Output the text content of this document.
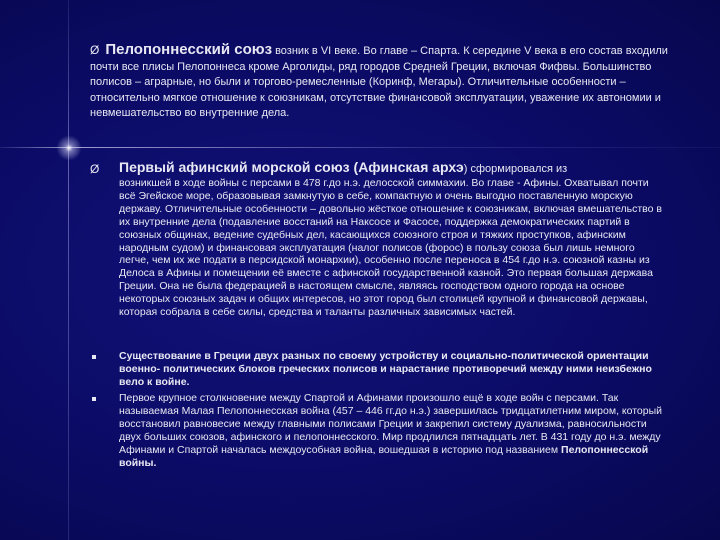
Ø Пелопоннесский союз возник в VI веке. Во главе – Спарта. К середине V века в его состав входили почти все плисы Пелопоннеса кроме Арголиды, ряд городов Средней Греции, включая Фифвы. Большинство полисов – аграрные, но были и торгово-ремесленные (Коринф, Мегары). Отличительные особенности – относительно мягкое отношение к союзникам, отсутствие финансовой эксплуатации, уважение их автономии и невмешательство во внутренние дела.
Ø Первый афинский морской союз (Афинская архэ) сформировался из

возникшей в ходе войны с персами в 478 г.до н.э. делосской симмахии. Во главе - Афины. Охватывал почти всё Эгейское море, образовывая замкнутую в себе, компактную и очень выгодно поставленную морскую державу. Отличительные особенности – довольно жёсткое отношение к союзникам, включая вмешательство в их внутренние дела (подавление восстаний на Наксосе и Фасосе, поддержка демократических партий в союзных общинах, ведение судебных дел, касающихся союзного строя и тяжких проступков, афинским народным судом) и финансовая эксплуатация (налог полисов (форос) в пользу союза был лишь немного легче, чем их же подати в персидской монархии), особенно после переноса в 454 г.до н.э. союзной казны из Делоса в Афины и помещении её вместе с афинской государственной казной. Это первая большая держава Греции. Она не была федерацией в настоящем смысле, являясь господством одного города на основе некоторых союзных задач и общих интересов, но этот город был столицей крупной и финансовой державы, которая собрала в себе силы, средства и таланты различных зависимых частей.

Существование в Греции двух разных по своему устройству и социально-политической ориентации военно- политических блоков греческих полисов и нарастание противоречий между ними неизбежно вело к войне.

Первое крупное столкновение между Спартой и Афинами произошло ещё в ходе войн с персами. Так называемая Малая Пелопоннесская война (457 – 446 гг.до н.э.) завершилась тридцатилетним миром, который восстановил равновесие между главными полисами Греции и закрепил систему дуализма, равносильности двух больших союзов, афинского и пелопоннесского. Мир продлился пятнадцать лет. В 431 году до н.э. между Афинами и Спартой началась междоусобная война, вошедшая в историю под названием Пелопоннесской войны.
